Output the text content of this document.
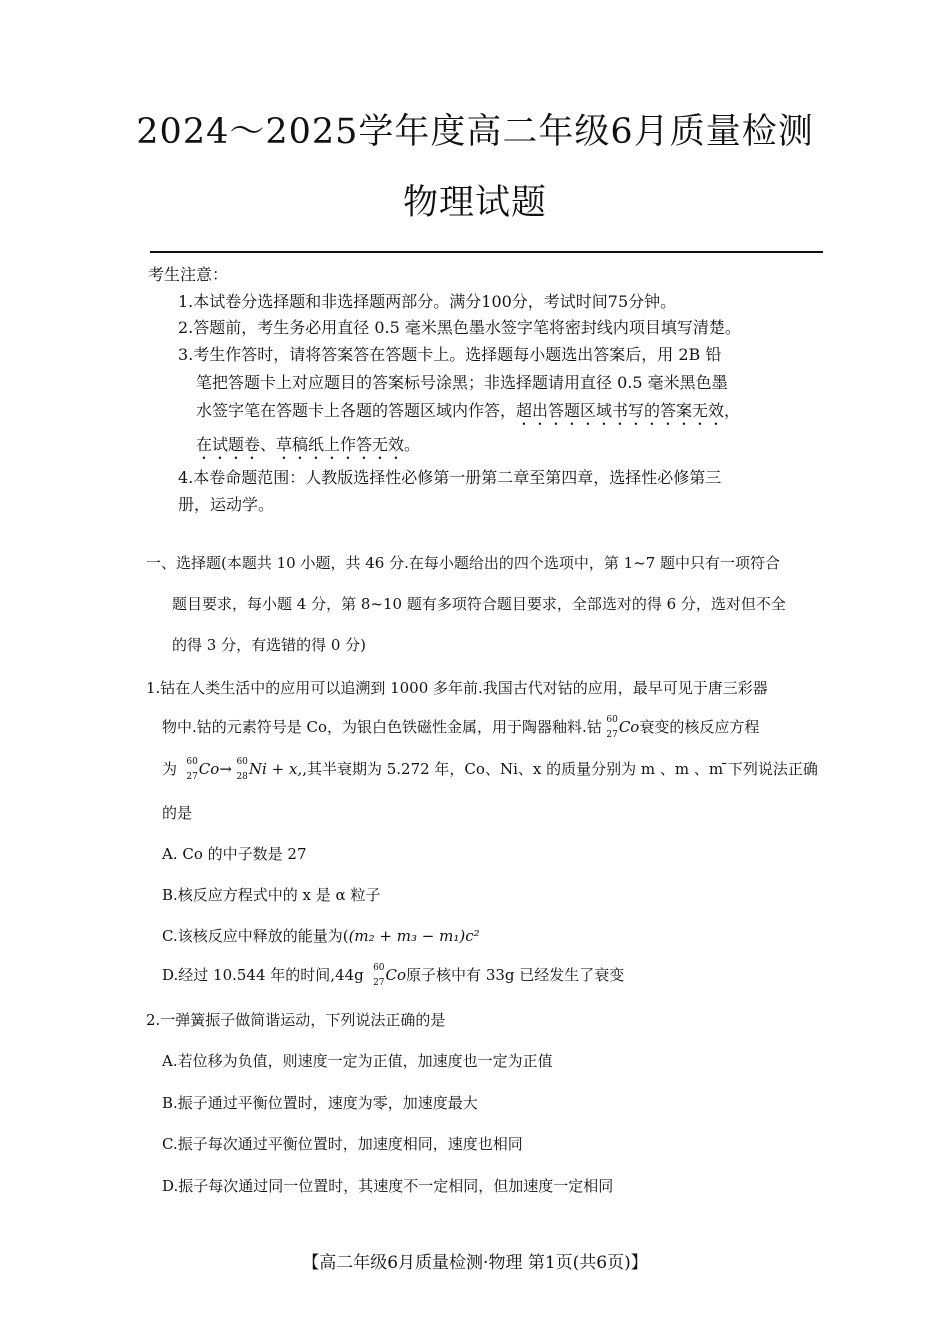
2024～2025学年度高二年级6月质量检测
物理试题
考生注意：
1.本试卷分选择题和非选择题两部分。满分100分，考试时间75分钟。
2.答题前，考生务必用直径 0.5 毫米黑色墨水签字笔将密封线内项目填写清楚。
3.考生作答时，请将答案答在答题卡上。选择题每小题选出答案后，用 2B 铅
笔把答题卡上对应题目的答案标号涂黑；非选择题请用直径 0.5 毫米黑色墨
水签字笔在答题卡上各题的答题区域内作答，超出答题区域书写的答案无效，
在试题卷、草稿纸上作答无效。
4.本卷命题范围：人教版选择性必修第一册第二章至第四章，选择性必修第三
册，运动学。
一、选择题(本题共 10 小题，共 46 分.在每小题给出的四个选项中，第 1~7 题中只有一项符合
题目要求，每小题 4 分，第 8~10 题有多项符合题目要求，全部选对的得 6 分，选对但不全
的得 3 分，有选错的得 0 分)
1.钴在人类生活中的应用可以追溯到 1000 多年前.我国古代对钴的应用，最早可见于唐三彩器
物中.钴的元素符号是 Co，为银白色铁磁性金属，用于陶器釉料.钴 60
27 Co衰变的核反应方程
为 60
27 Co→ 60
28 Ni + x,,其半衰期为 5.272 年，Co、Ni、x 的质量分别为 m 、m 、m ̄下列说法正确
的是
A. Co 的中子数是 27
B.核反应方程式中的 x 是 α 粒子
C.该核反应中释放的能量为((m₂ + m₃ − m₁)c²
D.经过 10.544 年的时间,44g 60
27 Co原子核中有 33g 已经发生了衰变
2.一弹簧振子做简谐运动，下列说法正确的是
A.若位移为负值，则速度一定为正值，加速度也一定为正值
B.振子通过平衡位置时，速度为零，加速度最大
C.振子每次通过平衡位置时，加速度相同，速度也相同
D.振子每次通过同一位置时，其速度不一定相同，但加速度一定相同
【高二年级6月质量检测·物理 第1页(共6页)】
